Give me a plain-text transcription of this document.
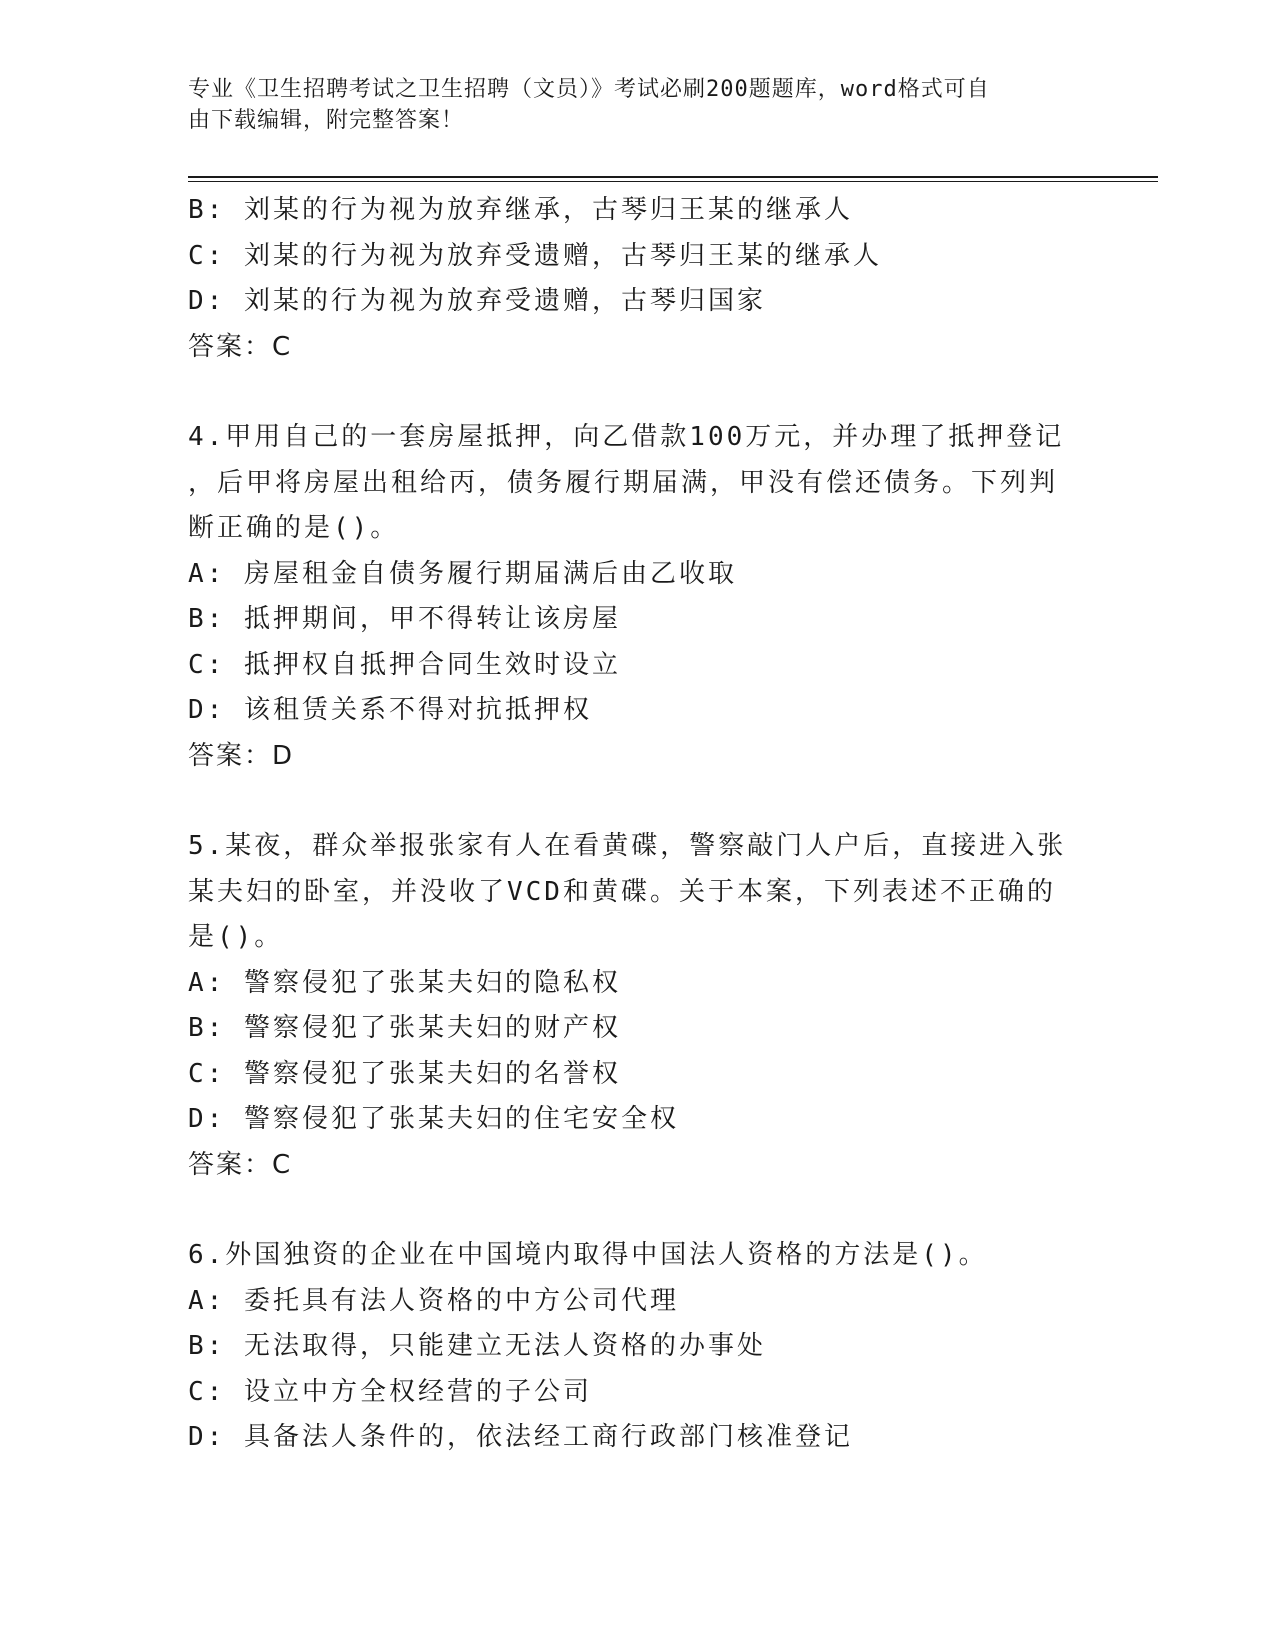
专业《卫生招聘考试之卫生招聘（文员）》考试必刷200题题库，word格式可自
由下载编辑，附完整答案！
B: 刘某的行为视为放弃继承，古琴归王某的继承人
C: 刘某的行为视为放弃受遗赠，古琴归王某的继承人
D: 刘某的行为视为放弃受遗赠，古琴归国家
答案：C
4.甲用自己的一套房屋抵押，向乙借款100万元，并办理了抵押登记
，后甲将房屋出租给丙，债务履行期届满，甲没有偿还债务。下列判
断正确的是()。
A: 房屋租金自债务履行期届满后由乙收取
B: 抵押期间，甲不得转让该房屋
C: 抵押权自抵押合同生效时设立
D: 该租赁关系不得对抗抵押权
答案：D
5.某夜，群众举报张家有人在看黄碟，警察敲门人户后，直接进入张
某夫妇的卧室，并没收了VCD和黄碟。关于本案，下列表述不正确的
是()。
A: 警察侵犯了张某夫妇的隐私权
B: 警察侵犯了张某夫妇的财产权
C: 警察侵犯了张某夫妇的名誉权
D: 警察侵犯了张某夫妇的住宅安全权
答案：C
6.外国独资的企业在中国境内取得中国法人资格的方法是()。
A: 委托具有法人资格的中方公司代理
B: 无法取得，只能建立无法人资格的办事处
C: 设立中方全权经营的子公司
D: 具备法人条件的，依法经工商行政部门核准登记
